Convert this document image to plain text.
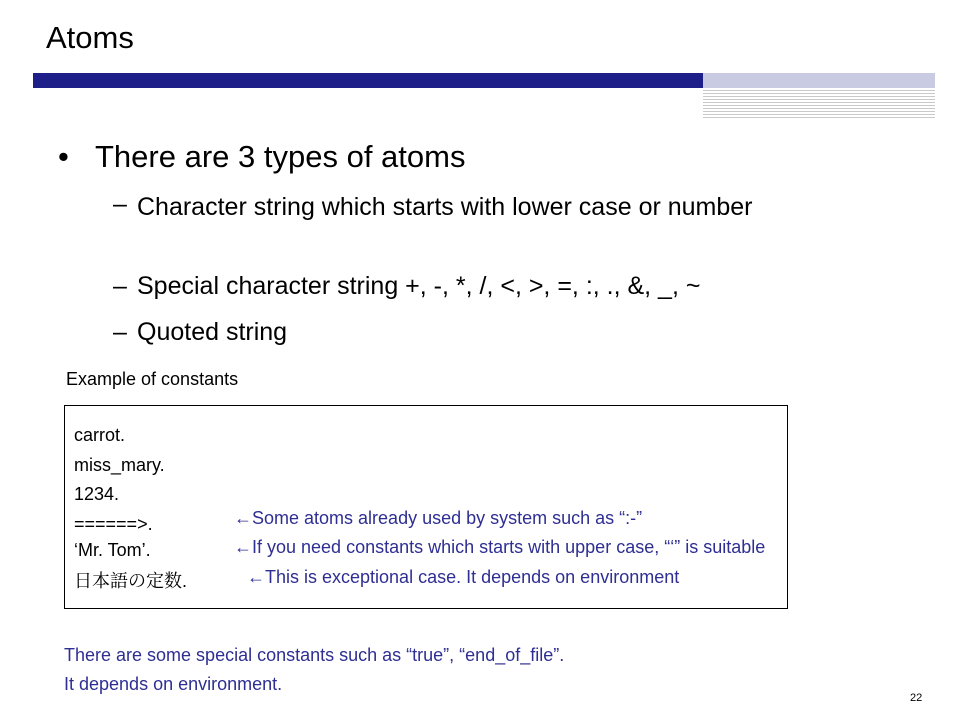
Atoms
• There are 3 types of atoms
– Character string which starts with lower case or number
– Special character string +, -, *, /, <, >, =, :, ., &, _, ~
– Quoted string
Example of constants
carrot.
miss_mary.
1234.
======>.
‘Mr. Tom’.
日本語の定数.
←Some atoms already used by system such as “:-”
←If you need constants which starts with upper case, “‘” is suitable
←This is exceptional case. It depends on environment
There are some special constants such as “true”, “end_of_file”.
It depends on environment.
22
